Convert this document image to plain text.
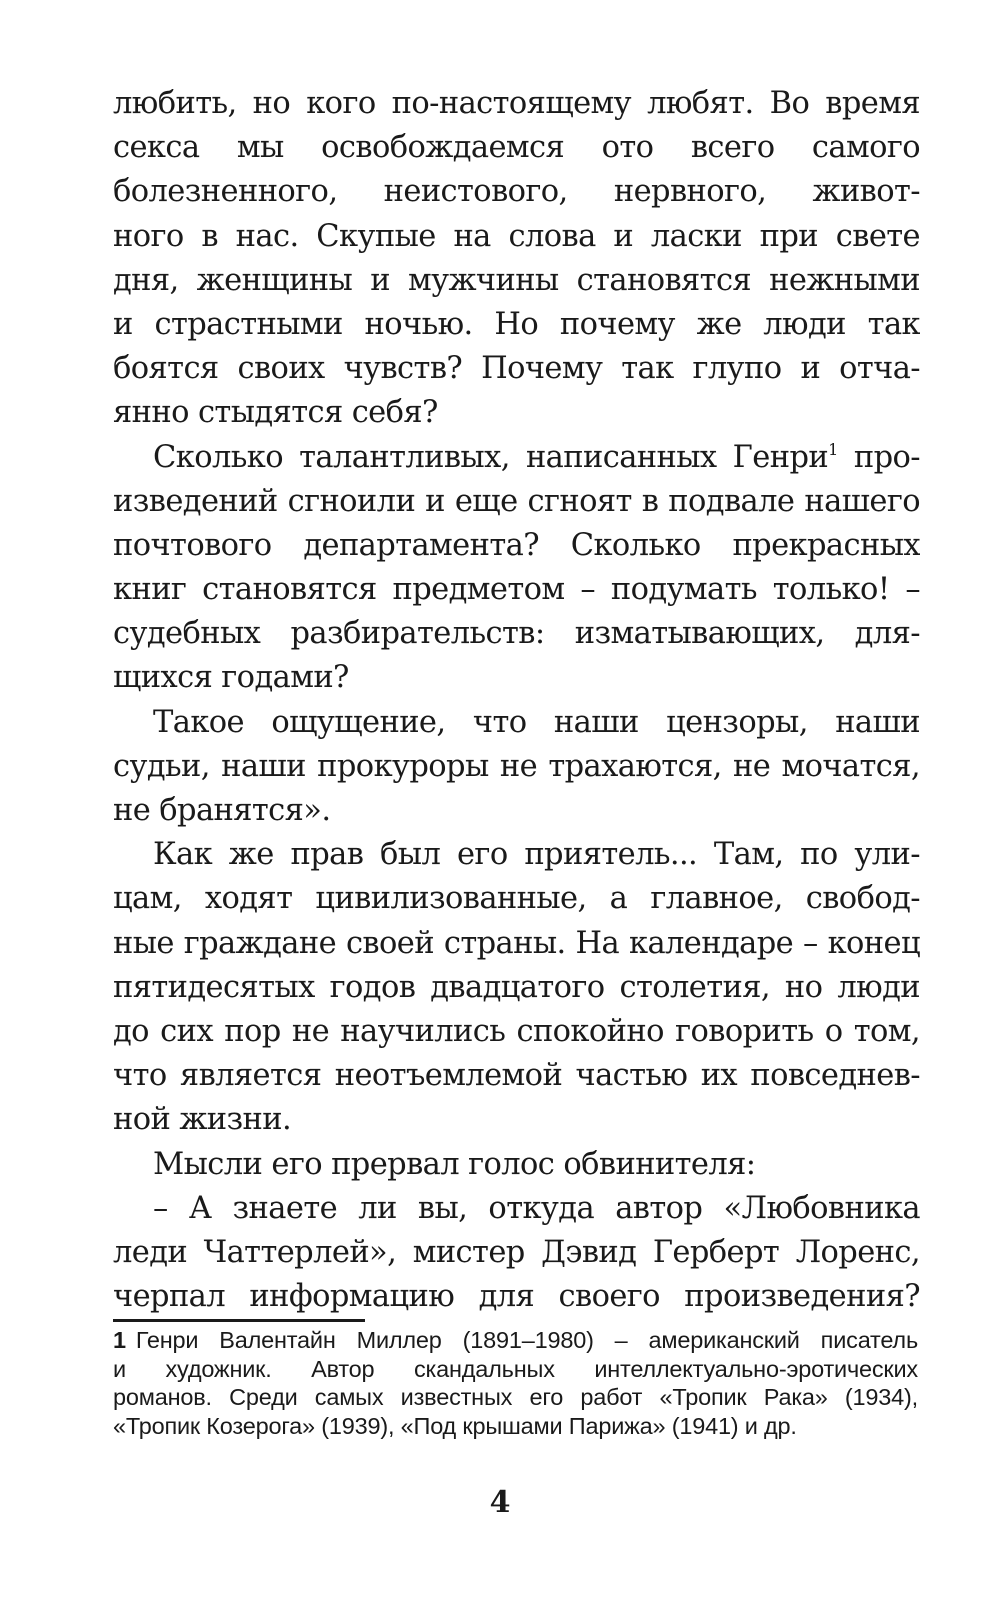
любить, но кого по-настоящему любят. Во время
секса мы освобождаемся ото всего самого
болезненного, неистового, нервного, живот-
ного в нас. Скупые на слова и ласки при свете
дня, женщины и мужчины становятся нежными
и страстными ночью. Но почему же люди так
боятся своих чувств? Почему так глупо и отча-
янно стыдятся себя?
Сколько талантливых, написанных Генри$^1$ про-
изведений сгноили и еще сгноят в подвале нашего
почтового департамента? Сколько прекрасных
книг становятся предметом – подумать только! –
судебных разбирательств: изматывающих, для-
щихся годами?
Такое ощущение, что наши цензоры, наши
судьи, наши прокуроры не трахаются, не мочатся,
не бранятся».
Как же прав был его приятель... Там, по ули-
цам, ходят цивилизованные, а главное, свобод-
ные граждане своей страны. На календаре – конец
пятидесятых годов двадцатого столетия, но люди
до сих пор не научились спокойно говорить о том,
что является неотъемлемой частью их повседнев-
ной жизни.
Мысли его прервал голос обвинителя:
– А знаете ли вы, откуда автор «Любовника
леди Чаттерлей», мистер Дэвид Герберт Лоренс,
черпал информацию для своего произведения?
1 Генри Валентайн Миллер (1891–1980) – американский писатель
и художник. Автор скандальных интеллектуально-эротических
романов. Среди самых известных его работ «Тропик Рака» (1934),
«Тропик Козерога» (1939), «Под крышами Парижа» (1941) и др.
4
